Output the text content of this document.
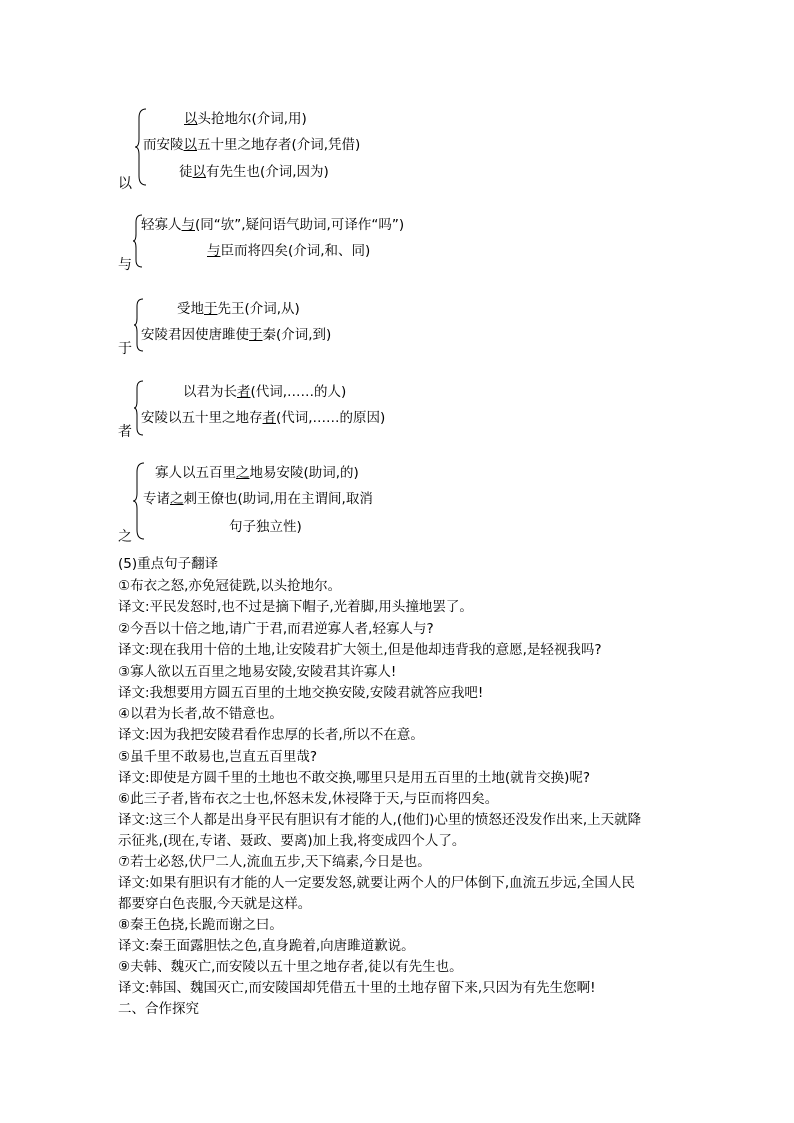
以
以头抢地尔(介词,用)
而安陵以五十里之地存者(介词,凭借)
徒以有先生也(介词,因为)
与
轻寡人与(同“欤”,疑问语气助词,可译作“吗”)
与臣而将四矣(介词,和、同)
于
受地于先王(介词,从)
安陵君因使唐雎使于秦(介词,到)
者
以君为长者(代词,……的人)
安陵以五十里之地存者(代词,……的原因)
之
寡人以五百里之地易安陵(助词,的)
专诸之刺王僚也(助词,用在主谓间,取消
句子独立性)
(5)重点句子翻译
①布衣之怒,亦免冠徒跣,以头抢地尔。
译文:平民发怒时,也不过是摘下帽子,光着脚,用头撞地罢了。
②今吾以十倍之地,请广于君,而君逆寡人者,轻寡人与?
译文:现在我用十倍的土地,让安陵君扩大领土,但是他却违背我的意愿,是轻视我吗?
③寡人欲以五百里之地易安陵,安陵君其许寡人!
译文:我想要用方圆五百里的土地交换安陵,安陵君就答应我吧!
④以君为长者,故不错意也。
译文:因为我把安陵君看作忠厚的长者,所以不在意。
⑤虽千里不敢易也,岂直五百里哉?
译文:即使是方圆千里的土地也不敢交换,哪里只是用五百里的土地(就肯交换)呢?
⑥此三子者,皆布衣之士也,怀怒未发,休祲降于天,与臣而将四矣。
译文:这三个人都是出身平民有胆识有才能的人,(他们)心里的愤怒还没发作出来,上天就降
示征兆,(现在,专诸、聂政、要离)加上我,将变成四个人了。
⑦若士必怒,伏尸二人,流血五步,天下缟素,今日是也。
译文:如果有胆识有才能的人一定要发怒,就要让两个人的尸体倒下,血流五步远,全国人民
都要穿白色丧服,今天就是这样。
⑧秦王色挠,长跪而谢之曰。
译文:秦王面露胆怯之色,直身跪着,向唐雎道歉说。
⑨夫韩、魏灭亡,而安陵以五十里之地存者,徒以有先生也。
译文:韩国、魏国灭亡,而安陵国却凭借五十里的土地存留下来,只因为有先生您啊!
二、合作探究
